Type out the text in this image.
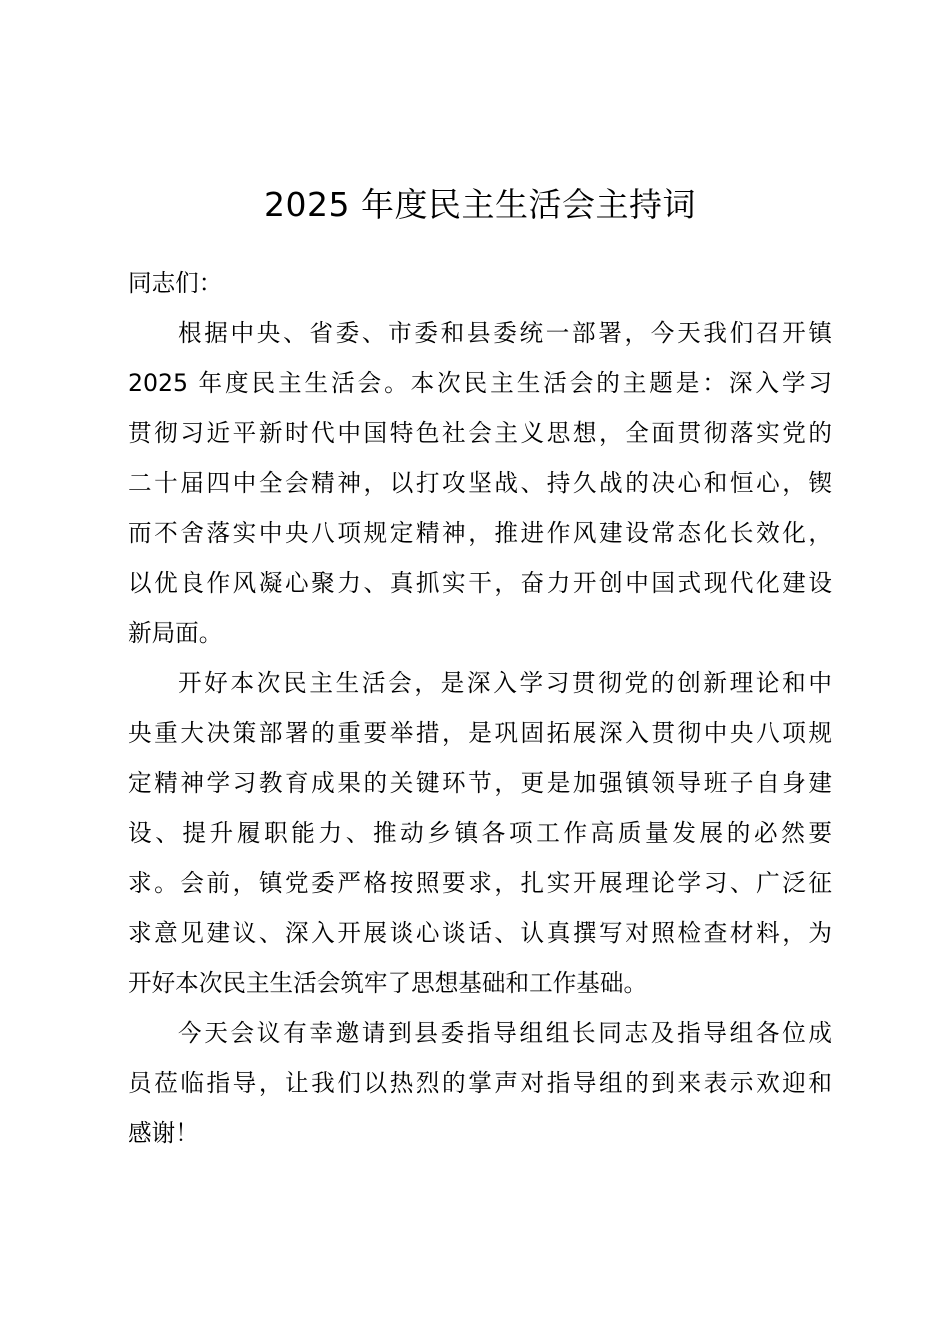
2025 年度民主生活会主持词
同志们：
根据中央、省委、市委和县委统一部署，今天我们召开镇
2025 年度民主生活会。本次民主生活会的主题是：深入学习
贯彻习近平新时代中国特色社会主义思想，全面贯彻落实党的
二十届四中全会精神，以打攻坚战、持久战的决心和恒心，锲
而不舍落实中央八项规定精神，推进作风建设常态化长效化，
以优良作风凝心聚力、真抓实干，奋力开创中国式现代化建设
新局面。
开好本次民主生活会，是深入学习贯彻党的创新理论和中
央重大决策部署的重要举措，是巩固拓展深入贯彻中央八项规
定精神学习教育成果的关键环节，更是加强镇领导班子自身建
设、提升履职能力、推动乡镇各项工作高质量发展的必然要
求。会前，镇党委严格按照要求，扎实开展理论学习、广泛征
求意见建议、深入开展谈心谈话、认真撰写对照检查材料，为
开好本次民主生活会筑牢了思想基础和工作基础。
今天会议有幸邀请到县委指导组组长同志及指导组各位成
员莅临指导，让我们以热烈的掌声对指导组的到来表示欢迎和
感谢！
